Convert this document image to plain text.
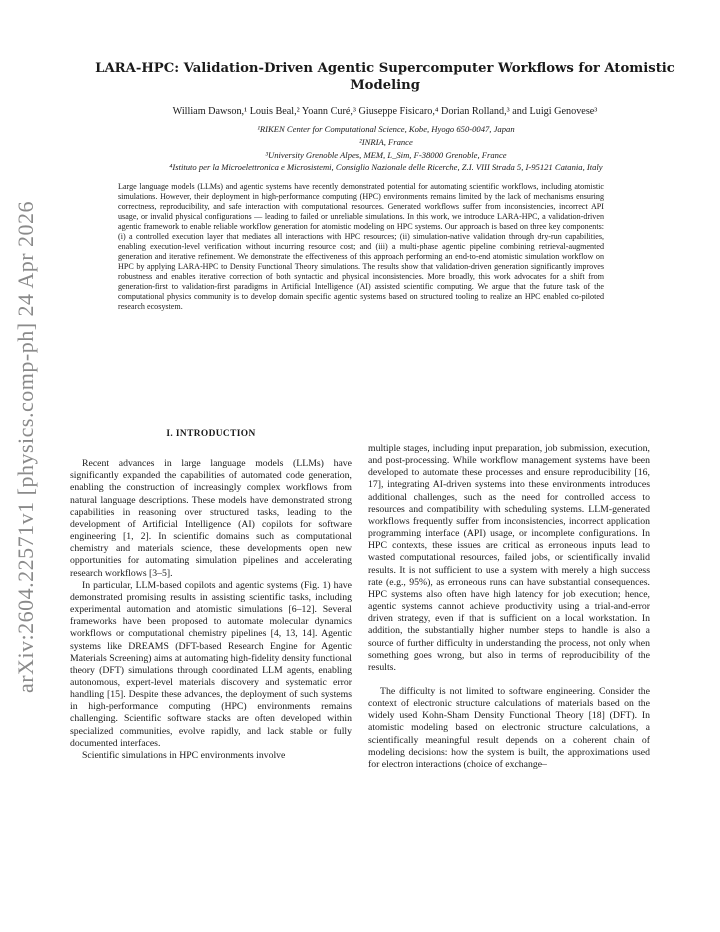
arXiv:2604.22571v1 [physics.comp-ph] 24 Apr 2026
LARA-HPC: Validation-Driven Agentic Supercomputer Workflows for Atomistic Modeling
William Dawson,¹ Louis Beal,² Yoann Curé,³ Giuseppe Fisicaro,⁴ Dorian Rolland,³ and Luigi Genovese³
¹RIKEN Center for Computational Science, Kobe, Hyogo 650-0047, Japan
²INRIA, France
³University Grenoble Alpes, MEM, L_Sim, F-38000 Grenoble, France
⁴Istituto per la Microelettronica e Microsistemi, Consiglio Nazionale delle Ricerche, Z.I. VIII Strada 5, I-95121 Catania, Italy
Large language models (LLMs) and agentic systems have recently demonstrated potential for automating scientific workflows, including atomistic simulations. However, their deployment in high-performance computing (HPC) environments remains limited by the lack of mechanisms ensuring correctness, reproducibility, and safe interaction with computational resources. Generated workflows suffer from inconsistencies, incorrect API usage, or invalid physical configurations — leading to failed or unreliable simulations. In this work, we introduce LARA-HPC, a validation-driven agentic framework to enable reliable workflow generation for atomistic modeling on HPC systems. Our approach is based on three key components: (i) a controlled execution layer that mediates all interactions with HPC resources; (ii) simulation-native validation through dry-run capabilities, enabling execution-level verification without incurring resource cost; and (iii) a multi-phase agentic pipeline combining retrieval-augmented generation and iterative refinement. We demonstrate the effectiveness of this approach performing an end-to-end atomistic simulation workflow on HPC by applying LARA-HPC to Density Functional Theory simulations. The results show that validation-driven generation significantly improves robustness and enables iterative correction of both syntactic and physical inconsistencies. More broadly, this work advocates for a shift from generation-first to validation-first paradigms in Artificial Intelligence (AI) assisted scientific computing. We argue that the future task of the computational physics community is to develop domain specific agentic systems based on structured tooling to realize an HPC enabled co-piloted research ecosystem.
I. INTRODUCTION

Recent advances in large language models (LLMs) have significantly expanded the capabilities of automated code generation, enabling the construction of increasingly complex workflows from natural language descriptions. These models have demonstrated strong capabilities in reasoning over structured tasks, leading to the development of Artificial Intelligence (AI) copilots for software engineering [1, 2]. In scientific domains such as computational chemistry and materials science, these developments open new opportunities for automating simulation pipelines and accelerating research workflows [3–5].

In particular, LLM-based copilots and agentic systems (Fig. 1) have demonstrated promising results in assisting scientific tasks, including experimental automation and atomistic simulations [6–12]. Several frameworks have been proposed to automate molecular dynamics workflows or computational chemistry pipelines [4, 13, 14]. Agentic systems like DREAMS (DFT-based Research Engine for Agentic Materials Screening) aims at automating high-fidelity density functional theory (DFT) simulations through coordinated LLM agents, enabling autonomous, expert-level materials discovery and systematic error handling [15]. Despite these advances, the deployment of such systems in high-performance computing (HPC) environments remains challenging. Scientific software stacks are often developed within specialized communities, evolve rapidly, and lack stable or fully documented interfaces.

Scientific simulations in HPC environments involve

multiple stages, including input preparation, job submission, execution, and post-processing. While workflow management systems have been developed to automate these processes and ensure reproducibility [16, 17], integrating AI-driven systems into these environments introduces additional challenges, such as the need for controlled access to resources and compatibility with scheduling systems. LLM-generated workflows frequently suffer from inconsistencies, incorrect application programming interface (API) usage, or incomplete configurations. In HPC contexts, these issues are critical as erroneous inputs lead to wasted computational resources, failed jobs, or scientifically invalid results. It is not sufficient to use a system with merely a high success rate (e.g., 95%), as erroneous runs can have substantial consequences. HPC systems also often have high latency for job execution; hence, agentic systems cannot achieve productivity using a trial-and-error driven strategy, even if that is sufficient on a local workstation. In addition, the substantially higher number steps to handle is also a source of further difficulty in understanding the process, not only when something goes wrong, but also in terms of reproducibility of the results.

The difficulty is not limited to software engineering. Consider the context of electronic structure calculations of materials based on the widely used Kohn-Sham Density Functional Theory [18] (DFT). In atomistic modeling based on electronic structure calculations, a scientifically meaningful result depends on a coherent chain of modeling decisions: how the system is built, the approximations used for electron interactions (choice of exchange–
